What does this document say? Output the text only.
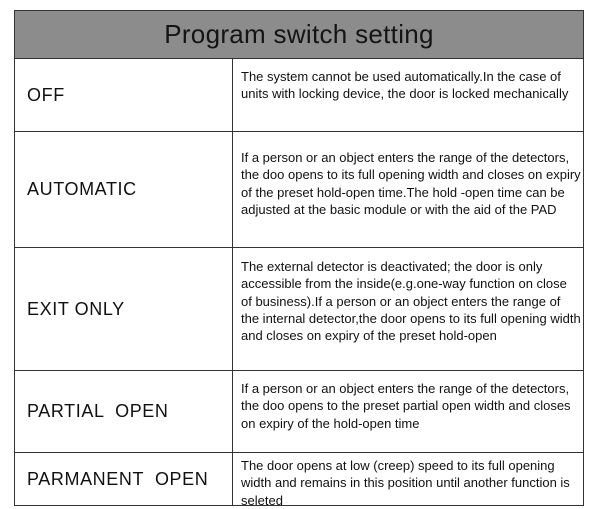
Program switch setting
OFF

The system cannot be used automatically.In the case of units with locking device, the door is locked mechanically

AUTOMATIC

If a person or an object enters the range of the detectors, the doo opens to its full opening width and closes on expiry of the preset hold-open time.The hold -open time can be adjusted at the basic module or with the aid of the PAD

EXIT ONLY

The external detector is deactivated; the door is only accessible from the inside(e.g.one-way function on close of business).If a person or an object enters the range of the internal detector,the door opens to its full opening width and closes on expiry of the preset hold-open

PARTIAL  OPEN

If a person or an object enters the range of the detectors, the doo opens to the preset partial open width and closes on expiry of the hold-open time

PARMANENT  OPEN

The door opens at low (creep) speed to its full opening width and remains in this position until another function is seleted
